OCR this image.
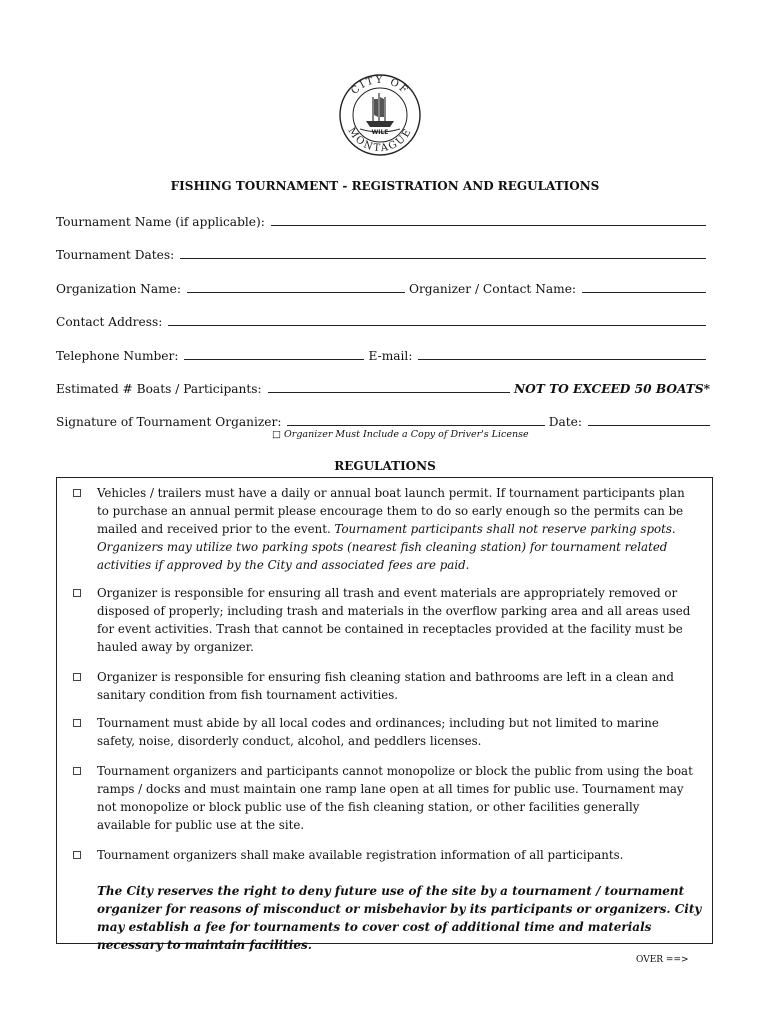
CITY OF
MONTAGUE
WILE
FISHING TOURNAMENT - REGISTRATION AND REGULATIONS
Tournament Name (if applicable):
Tournament Dates:
Organization Name:	Organizer / Contact Name:
Contact Address:
Telephone Number:	E-mail:
Estimated # Boats / Participants:	NOT TO EXCEED 50 BOATS*
Signature of Tournament Organizer:	Date:
□ Organizer Must Include a Copy of Driver's License
REGULATIONS
Vehicles / trailers must have a daily or annual boat launch permit. If tournament participants plan to purchase an annual permit please encourage them to do so early enough so the permits can be mailed and received prior to the event. Tournament participants shall not reserve parking spots. Organizers may utilize two parking spots (nearest fish cleaning station) for tournament related activities if approved by the City and associated fees are paid.
Organizer is responsible for ensuring all trash and event materials are appropriately removed or disposed of properly; including trash and materials in the overflow parking area and all areas used for event activities. Trash that cannot be contained in receptacles provided at the facility must be hauled away by organizer.
Organizer is responsible for ensuring fish cleaning station and bathrooms are left in a clean and sanitary condition from fish tournament activities.
Tournament must abide by all local codes and ordinances; including but not limited to marine safety, noise, disorderly conduct, alcohol, and peddlers licenses.
Tournament organizers and participants cannot monopolize or block the public from using the boat ramps / docks and must maintain one ramp lane open at all times for public use. Tournament may not monopolize or block public use of the fish cleaning station, or other facilities generally available for public use at the site.
Tournament organizers shall make available registration information of all participants.
The City reserves the right to deny future use of the site by a tournament / tournament organizer for reasons of misconduct or misbehavior by its participants or organizers. City may establish a fee for tournaments to cover cost of additional time and materials necessary to maintain facilities.
OVER ==>
